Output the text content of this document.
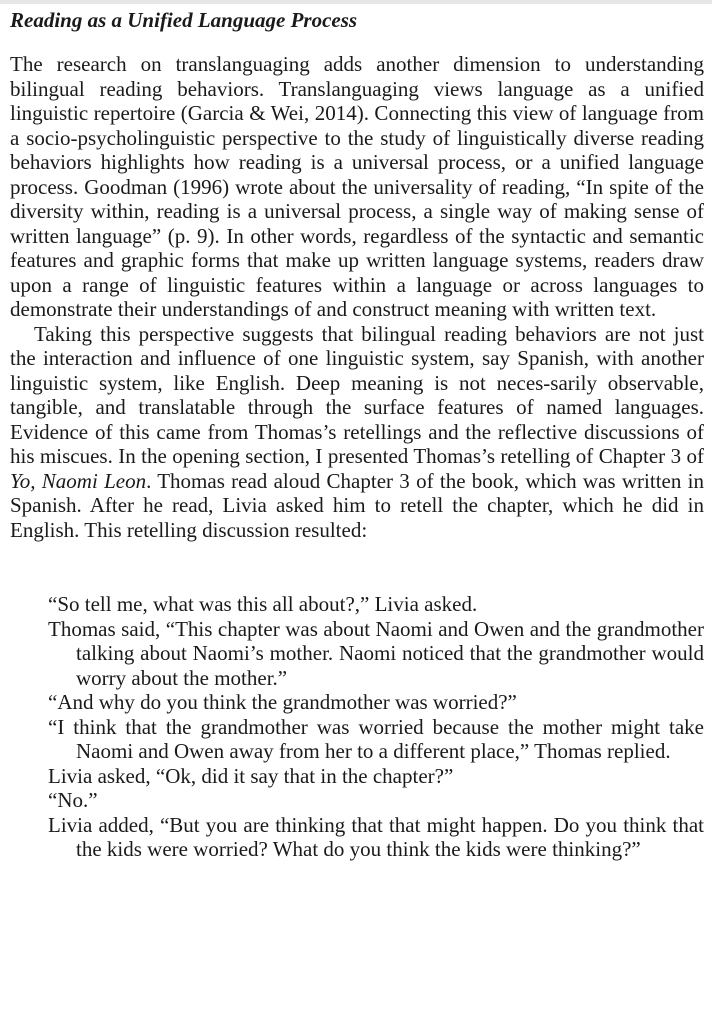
Reading as a Unified Language Process

The research on translanguaging adds another dimension to understanding bilingual reading behaviors. Translanguaging views language as a unified linguistic repertoire (Garcia & Wei, 2014). Connecting this view of language from a socio-psycholinguistic perspective to the study of linguistically diverse reading behaviors highlights how reading is a universal process, or a unified language process. Goodman (1996) wrote about the universality of reading, “In spite of the diversity within, reading is a universal process, a single way of making sense of written language” (p. 9). In other words, regardless of the syntactic and semantic features and graphic forms that make up written language systems, readers draw upon a range of linguistic features within a language or across languages to demonstrate their understandings of and construct meaning with written text.

Taking this perspective suggests that bilingual reading behaviors are not just the interaction and influence of one linguistic system, say Spanish, with another linguistic system, like English. Deep meaning is not neces-sarily observable, tangible, and translatable through the surface features of named languages. Evidence of this came from Thomas’s retellings and the reflective discussions of his miscues. In the opening section, I presented Thomas’s retelling of Chapter 3 of Yo, Naomi Leon. Thomas read aloud Chapter 3 of the book, which was written in Spanish. After he read, Livia asked him to retell the chapter, which he did in English. This retelling discussion resulted:

“So tell me, what was this all about?,” Livia asked.

Thomas said, “This chapter was about Naomi and Owen and the grandmother talking about Naomi’s mother. Naomi noticed that the grandmother would worry about the mother.”

“And why do you think the grandmother was worried?”

“I think that the grandmother was worried because the mother might take Naomi and Owen away from her to a different place,” Thomas replied.

Livia asked, “Ok, did it say that in the chapter?”

“No.”

Livia added, “But you are thinking that that might happen. Do you think that the kids were worried? What do you think the kids were thinking?”
